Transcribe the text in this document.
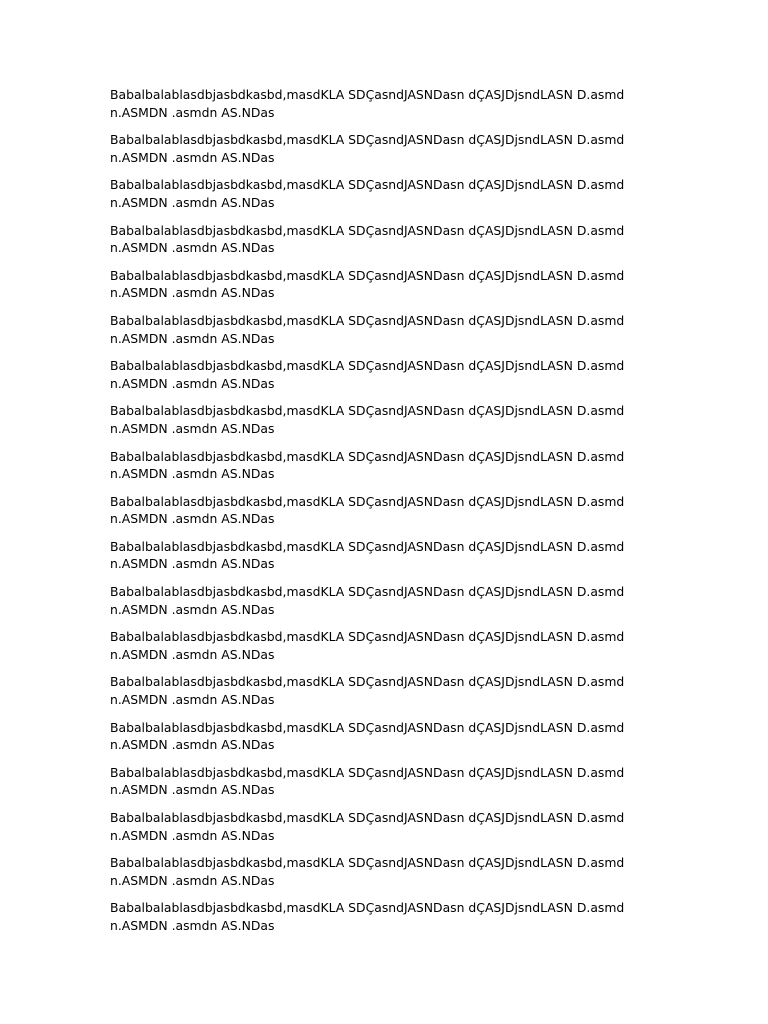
Babalbalablasdbjasbdkasbd,masdKLA SDÇasndJASNDasn dÇASJDjsndLASN D.asmd
n.ASMDN .asmdn AS.NDas

Babalbalablasdbjasbdkasbd,masdKLA SDÇasndJASNDasn dÇASJDjsndLASN D.asmd
n.ASMDN .asmdn AS.NDas

Babalbalablasdbjasbdkasbd,masdKLA SDÇasndJASNDasn dÇASJDjsndLASN D.asmd
n.ASMDN .asmdn AS.NDas

Babalbalablasdbjasbdkasbd,masdKLA SDÇasndJASNDasn dÇASJDjsndLASN D.asmd
n.ASMDN .asmdn AS.NDas

Babalbalablasdbjasbdkasbd,masdKLA SDÇasndJASNDasn dÇASJDjsndLASN D.asmd
n.ASMDN .asmdn AS.NDas

Babalbalablasdbjasbdkasbd,masdKLA SDÇasndJASNDasn dÇASJDjsndLASN D.asmd
n.ASMDN .asmdn AS.NDas

Babalbalablasdbjasbdkasbd,masdKLA SDÇasndJASNDasn dÇASJDjsndLASN D.asmd
n.ASMDN .asmdn AS.NDas

Babalbalablasdbjasbdkasbd,masdKLA SDÇasndJASNDasn dÇASJDjsndLASN D.asmd
n.ASMDN .asmdn AS.NDas

Babalbalablasdbjasbdkasbd,masdKLA SDÇasndJASNDasn dÇASJDjsndLASN D.asmd
n.ASMDN .asmdn AS.NDas

Babalbalablasdbjasbdkasbd,masdKLA SDÇasndJASNDasn dÇASJDjsndLASN D.asmd
n.ASMDN .asmdn AS.NDas

Babalbalablasdbjasbdkasbd,masdKLA SDÇasndJASNDasn dÇASJDjsndLASN D.asmd
n.ASMDN .asmdn AS.NDas

Babalbalablasdbjasbdkasbd,masdKLA SDÇasndJASNDasn dÇASJDjsndLASN D.asmd
n.ASMDN .asmdn AS.NDas

Babalbalablasdbjasbdkasbd,masdKLA SDÇasndJASNDasn dÇASJDjsndLASN D.asmd
n.ASMDN .asmdn AS.NDas

Babalbalablasdbjasbdkasbd,masdKLA SDÇasndJASNDasn dÇASJDjsndLASN D.asmd
n.ASMDN .asmdn AS.NDas

Babalbalablasdbjasbdkasbd,masdKLA SDÇasndJASNDasn dÇASJDjsndLASN D.asmd
n.ASMDN .asmdn AS.NDas

Babalbalablasdbjasbdkasbd,masdKLA SDÇasndJASNDasn dÇASJDjsndLASN D.asmd
n.ASMDN .asmdn AS.NDas

Babalbalablasdbjasbdkasbd,masdKLA SDÇasndJASNDasn dÇASJDjsndLASN D.asmd
n.ASMDN .asmdn AS.NDas

Babalbalablasdbjasbdkasbd,masdKLA SDÇasndJASNDasn dÇASJDjsndLASN D.asmd
n.ASMDN .asmdn AS.NDas

Babalbalablasdbjasbdkasbd,masdKLA SDÇasndJASNDasn dÇASJDjsndLASN D.asmd
n.ASMDN .asmdn AS.NDas
